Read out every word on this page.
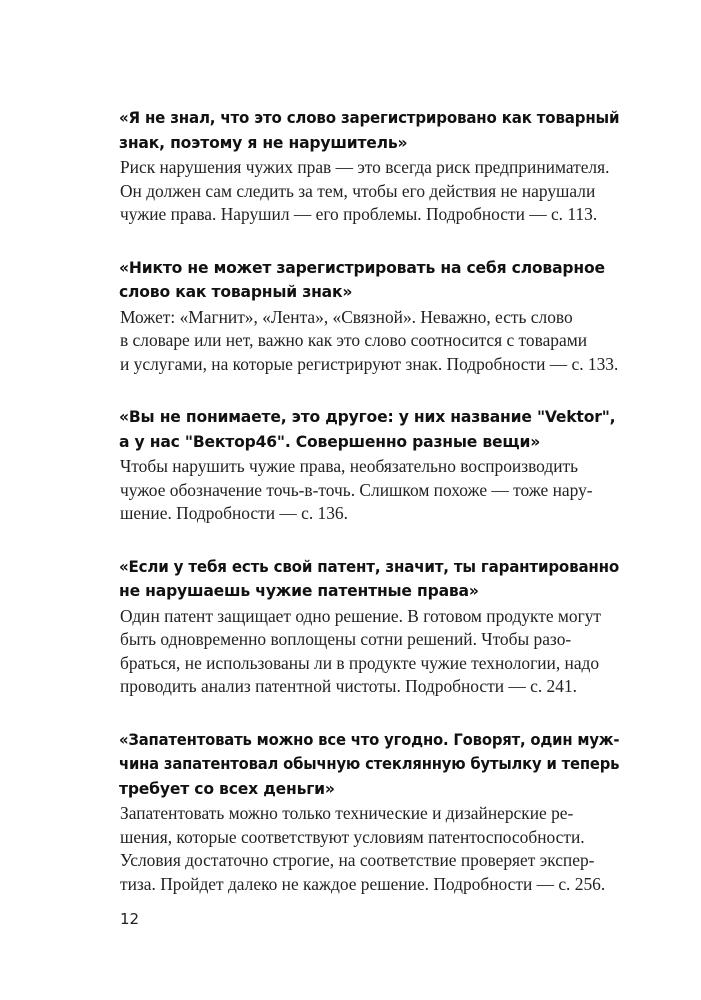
«Я не знал, что это слово зарегистрировано как товарный
знак, поэтому я не нарушитель»
Риск нарушения чужих прав — это всегда риск предпринимателя.
Он должен сам следить за тем, чтобы его действия не нарушали
чужие права. Нарушил — его проблемы. Подробности — с. 113.
«Никто не может зарегистрировать на себя словарное
слово как товарный знак»
Может: «Магнит», «Лента», «Связной». Неважно, есть слово
в словаре или нет, важно как это слово соотносится с товарами
и услугами, на которые регистрируют знак. Подробности — с. 133.
«Вы не понимаете, это другое: у них название "Vektor",
а у нас "Вектор46". Совершенно разные вещи»
Чтобы нарушить чужие права, необязательно воспроизводить
чужое обозначение точь-в-точь. Слишком похоже — тоже нару-
шение. Подробности — с. 136.
«Если у тебя есть свой патент, значит, ты гарантированно
не нарушаешь чужие патентные права»
Один патент защищает одно решение. В готовом продукте могут
быть одновременно воплощены сотни решений. Чтобы разо-
браться, не использованы ли в продукте чужие технологии, надо
проводить анализ патентной чистоты. Подробности — с. 241.
«Запатентовать можно все что угодно. Говорят, один муж-
чина запатентовал обычную стеклянную бутылку и теперь
требует со всех деньги»
Запатентовать можно только технические и дизайнерские ре-
шения, которые соответствуют условиям патентоспособности.
Условия достаточно строгие, на соответствие проверяет экспер-
тиза. Пройдет далеко не каждое решение. Подробности — с. 256.
12
